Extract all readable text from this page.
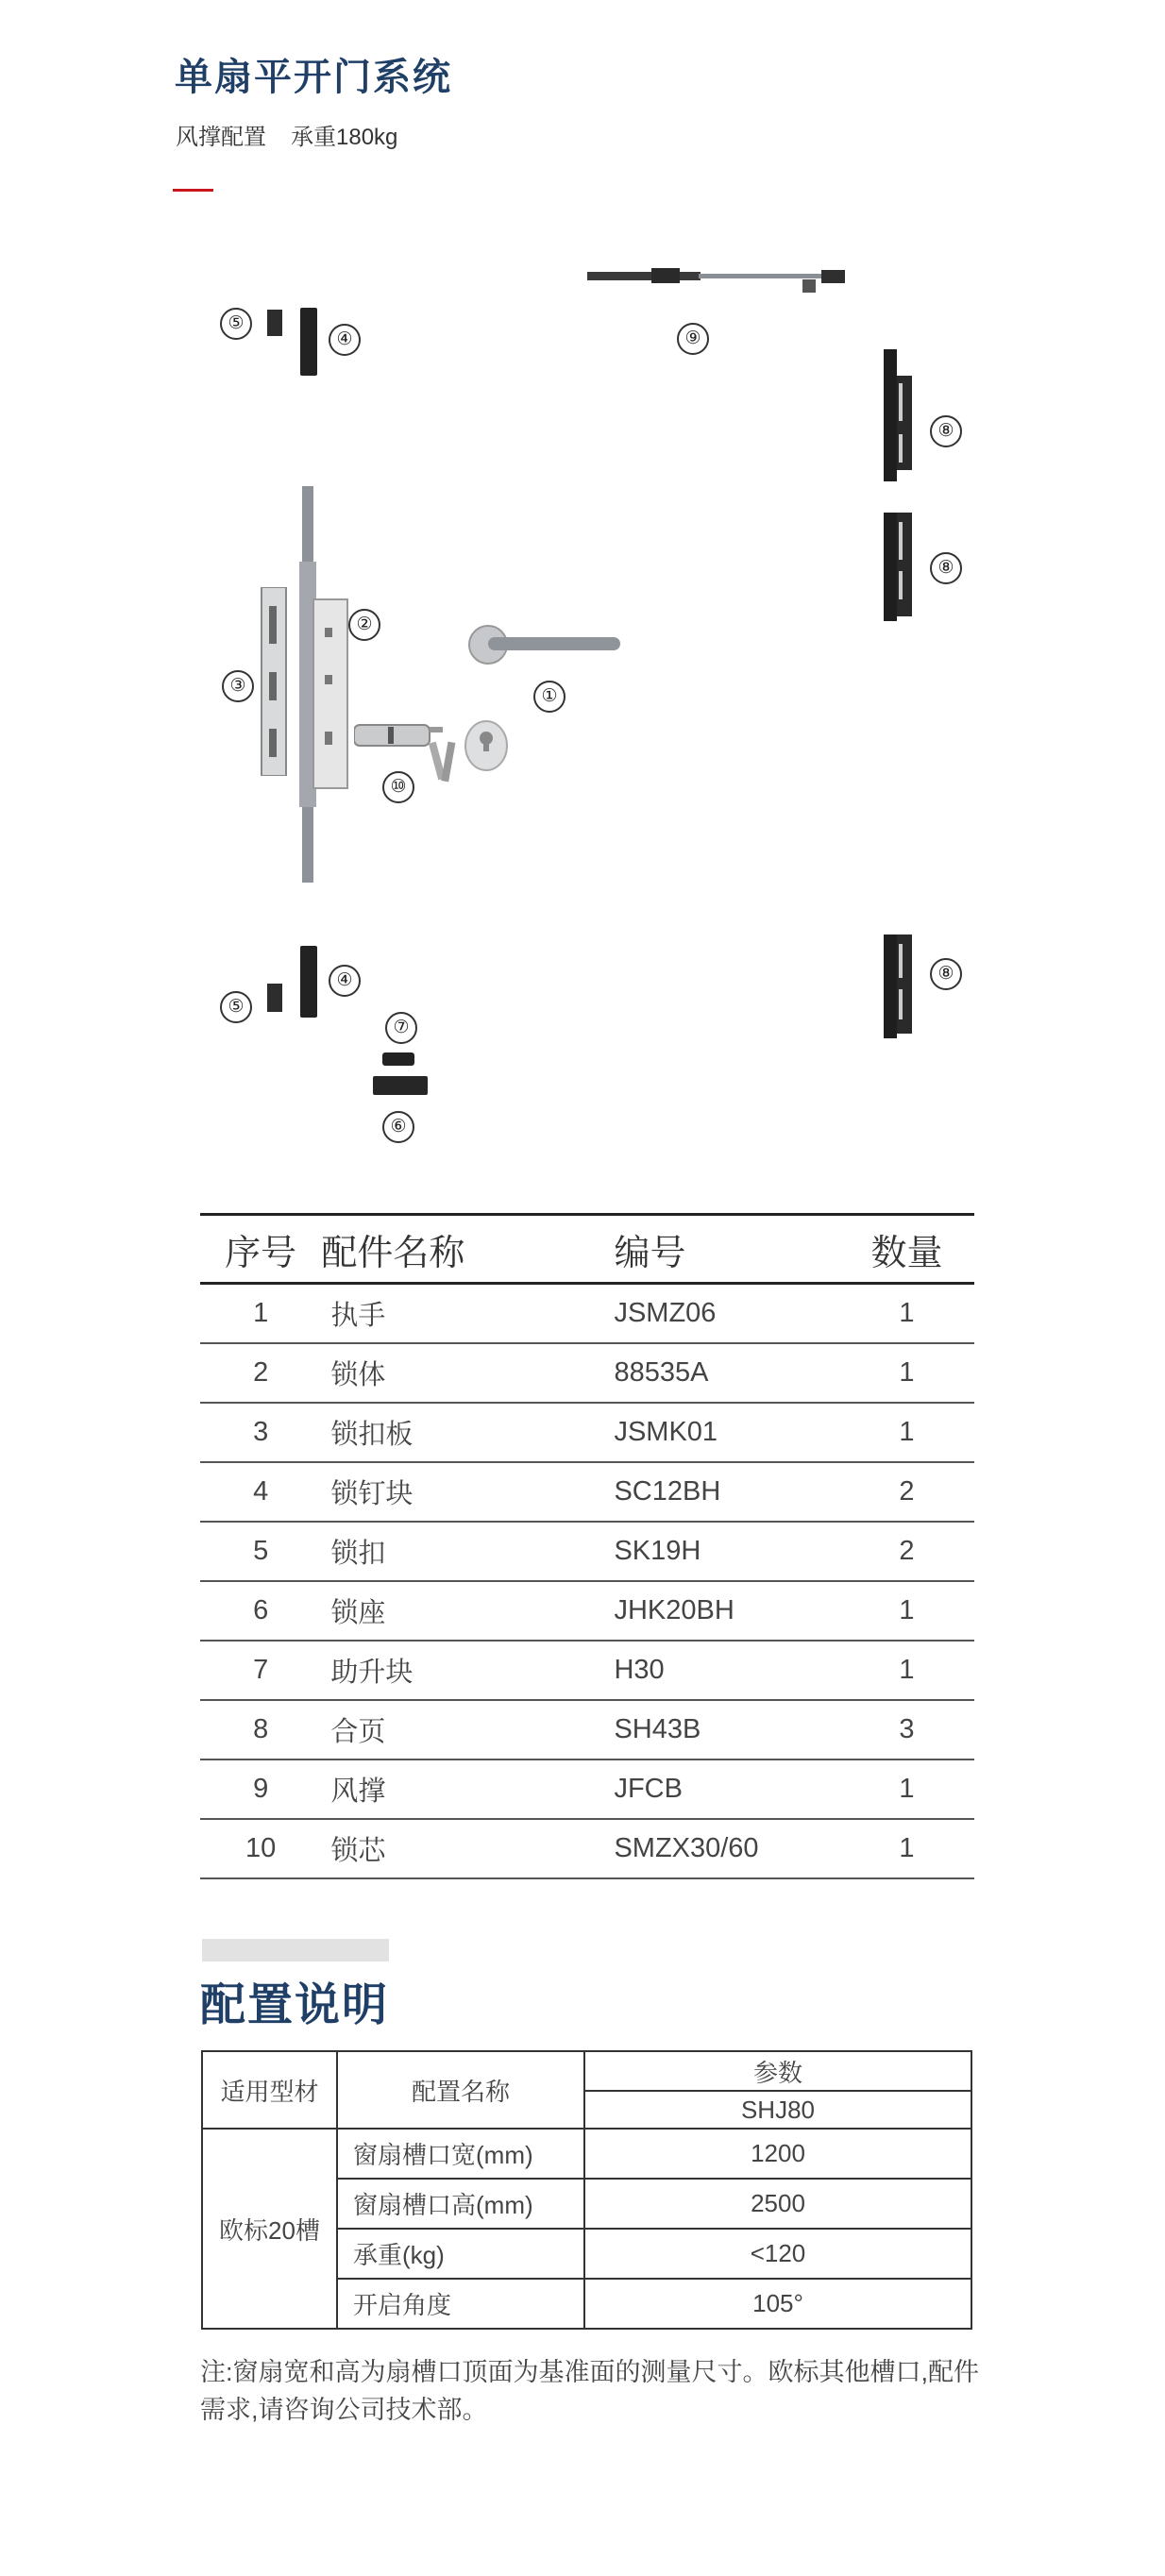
单扇平开门系统
风撑配置 承重180kg
⑤
④	⑨
⑧
⑧
⑧
③
②
①
⑩
⑤
④
⑦
⑥
序号	配件名称	编号	数量
1	执手	JSMZ06	1
2	锁体	88535A	1
3	锁扣板	JSMK01	1
4	锁钉块	SC12BH	2
5	锁扣	SK19H	2
6	锁座	JHK20BH	1
7	助升块	H30	1
8	合页	SH43B	3
9	风撑	JFCB	1
10	锁芯	SMZX30/60	1
配置说明
适用型材	配置名称	参数
		SHJ80
欧标20槽	窗扇槽口宽(mm)	1200
	窗扇槽口高(mm)	2500
	承重(kg)	<120
	开启角度	105°
注:窗扇宽和高为扇槽口顶面为基准面的测量尺寸。欧标其他槽口,配件需求,请咨询公司技术部。
